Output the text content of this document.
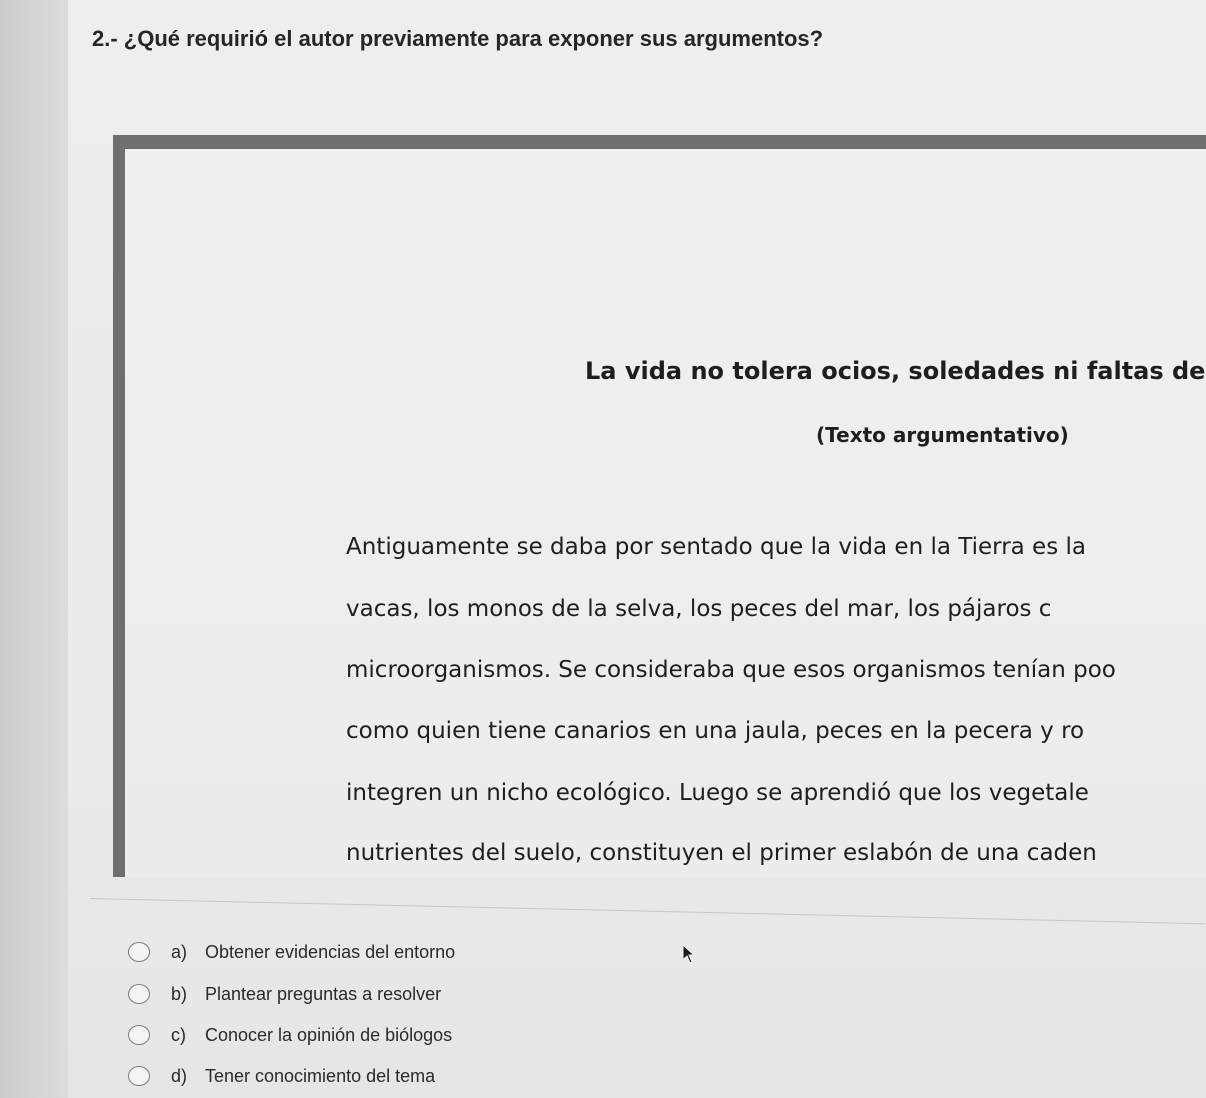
2.- ¿Qué requirió el autor previamente para exponer sus argumentos?
La vida no tolera ocios, soledades ni faltas de
(Texto argumentativo)
Antiguamente se daba por sentado que la vida en la Tierra es la
vacas, los monos de la selva, los peces del mar, los pájaros c
microorganismos. Se consideraba que esos organismos tenían poo
como quien tiene canarios en una jaula, peces en la pecera y ro
integren un nicho ecológico. Luego se aprendió que los vegetale
nutrientes del suelo, constituyen el primer eslabón de una caden
a) Obtener evidencias del entorno
b) Plantear preguntas a resolver
c)	Conocer la opinión de biólogos
d) Tener conocimiento del tema
